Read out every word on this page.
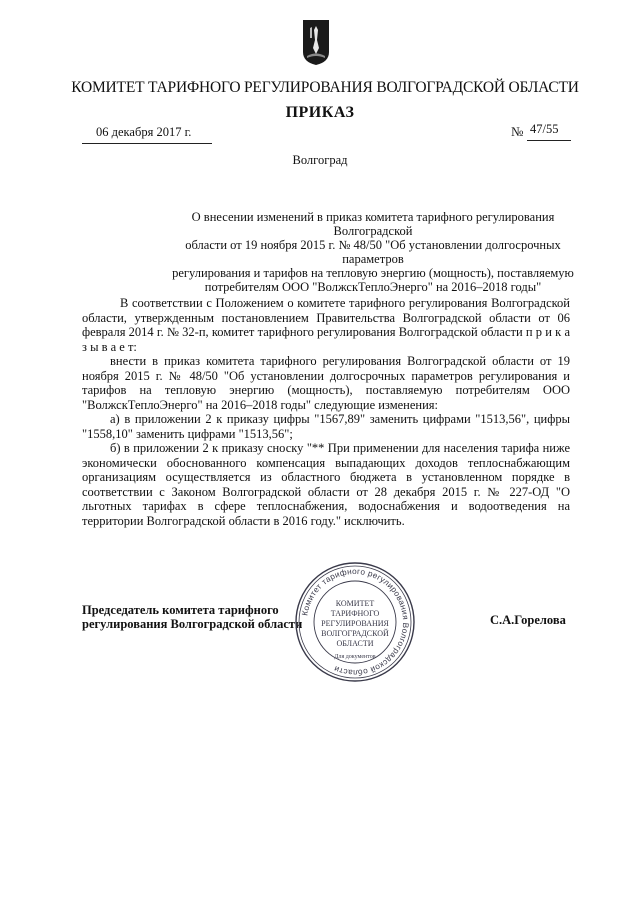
КОМИТЕТ ТАРИФНОГО РЕГУЛИРОВАНИЯ ВОЛГОГРАДСКОЙ ОБЛАСТИ
ПРИКАЗ
06 декабря 2017 г.	№ 47/55
Волгоград
О внесении изменений в приказ комитета тарифного регулирования Волгоградской
области от 19 ноября 2015 г. № 48/50 "Об установлении долгосрочных параметров
регулирования и тарифов на тепловую энергию (мощность), поставляемую
потребителям ООО "ВолжскТеплоЭнерго" на 2016–2018 годы"

В соответствии с Положением о комитете тарифного регулирования Волгоградской области, утвержденным постановлением Правительства Волгоградской области от 06 февраля 2014 г. № 32-п, комитет тарифного регулирования Волгоградской области п р и к а з ы в а е т:

внести в приказ комитета тарифного регулирования Волгоградской области от 19 ноября 2015 г. № 48/50 "Об установлении долгосрочных параметров регулирования и тарифов на тепловую энергию (мощность), поставляемую потребителям ООО "ВолжскТеплоЭнерго" на 2016–2018 годы" следующие изменения:

а) в приложении 2 к приказу цифры "1567,89" заменить цифрами "1513,56", цифры "1558,10" заменить цифрами "1513,56";

б) в приложении 2 к приказу сноску "** При применении для населения тарифа ниже экономически обоснованного компенсация выпадающих доходов теплоснабжающим организациям осуществляется из областного бюджета в установленном порядке в соответствии с Законом Волгоградской области от 28 декабря 2015 г. № 227-ОД "О льготных тарифах в сфере теплоснабжения, водоснабжения и водоотведения на территории Волгоградской области в 2016 году." исключить.

Председатель комитета тарифного
регулирования Волгоградской области	С.А.Горелова
Комитет тарифного регулирования Волгоградской области
КОМИТЕТ
ТАРИФНОГО
РЕГУЛИРОВАНИЯ
ВОЛГОГРАДСКОЙ
ОБЛАСТИ
Для документов
